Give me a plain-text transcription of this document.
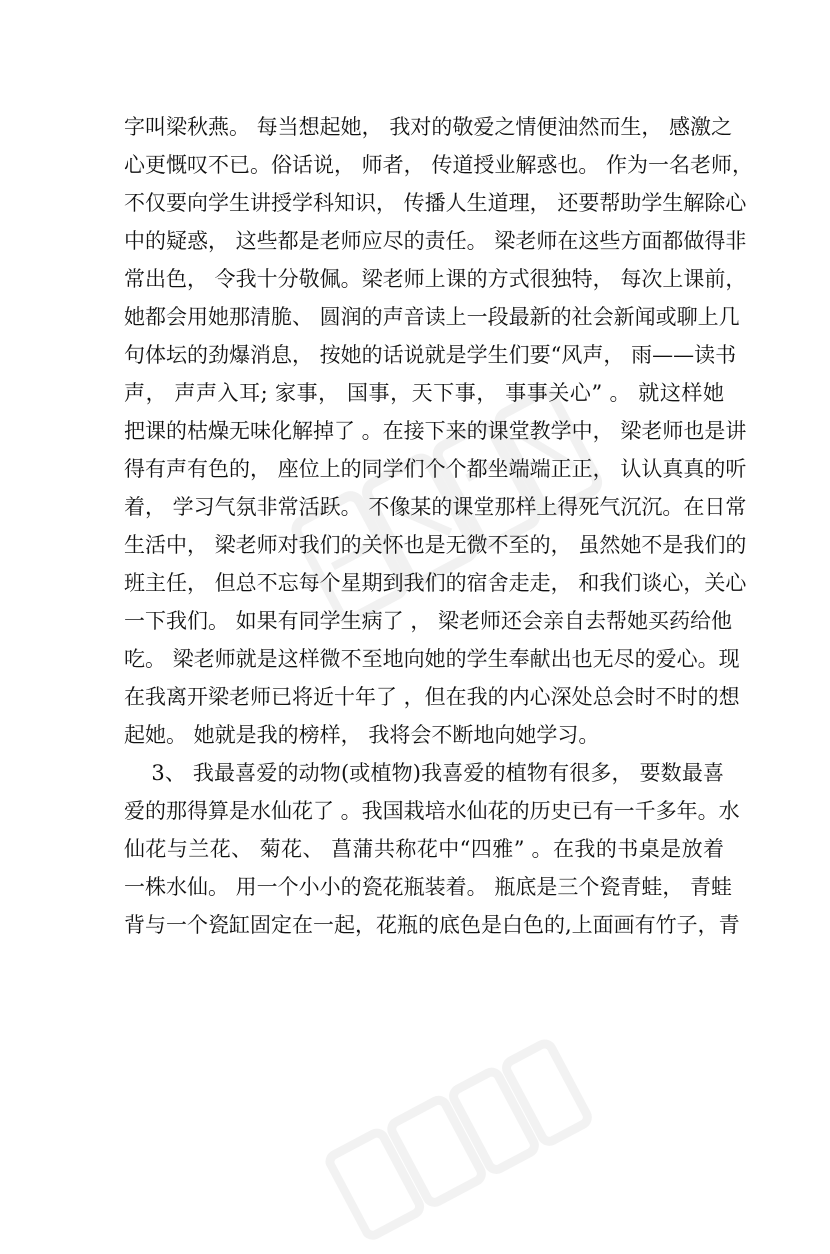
字叫梁秋燕。 每当想起她， 我对的敬爱之情便油然而生， 感激之
心更慨叹不已。俗话说， 师者， 传道授业解惑也。 作为一名老师，
不仅要向学生讲授学科知识， 传播人生道理， 还要帮助学生解除心
中的疑惑， 这些都是老师应尽的责任。 梁老师在这些方面都做得非
常出色， 令我十分敬佩。梁老师上课的方式很独特， 每次上课前，
她都会用她那清脆、 圆润的声音读上一段最新的社会新闻或聊上几
句体坛的劲爆消息， 按她的话说就是学生们要“风声， 雨——读书
声， 声声入耳; 家事， 国事，天下事， 事事关心” 。 就这样她
把课的枯燥无味化解掉了 。在接下来的课堂教学中， 梁老师也是讲
得有声有色的， 座位上的同学们个个都坐端端正正， 认认真真的听
着， 学习气氛非常活跃。 不像某的课堂那样上得死气沉沉。在日常
生活中， 梁老师对我们的关怀也是无微不至的， 虽然她不是我们的
班主任， 但总不忘每个星期到我们的宿舍走走， 和我们谈心，关心
一下我们。 如果有同学生病了 ， 梁老师还会亲自去帮她买药给他
吃。 梁老师就是这样微不至地向她的学生奉献出也无尽的爱心。现
在我离开梁老师已将近十年了 ，但在我的内心深处总会时不时的想
起她。 她就是我的榜样， 我将会不断地向她学习。
3、 我最喜爱的动物(或植物)我喜爱的植物有很多， 要数最喜
爱的那得算是水仙花了 。我国栽培水仙花的历史已有一千多年。水
仙花与兰花、 菊花、 菖蒲共称花中“四雅” 。在我的书桌是放着
一株水仙。 用一个小小的瓷花瓶装着。 瓶底是三个瓷青蛙， 青蛙
背与一个瓷缸固定在一起，花瓶的底色是白色的,上面画有竹子，青
